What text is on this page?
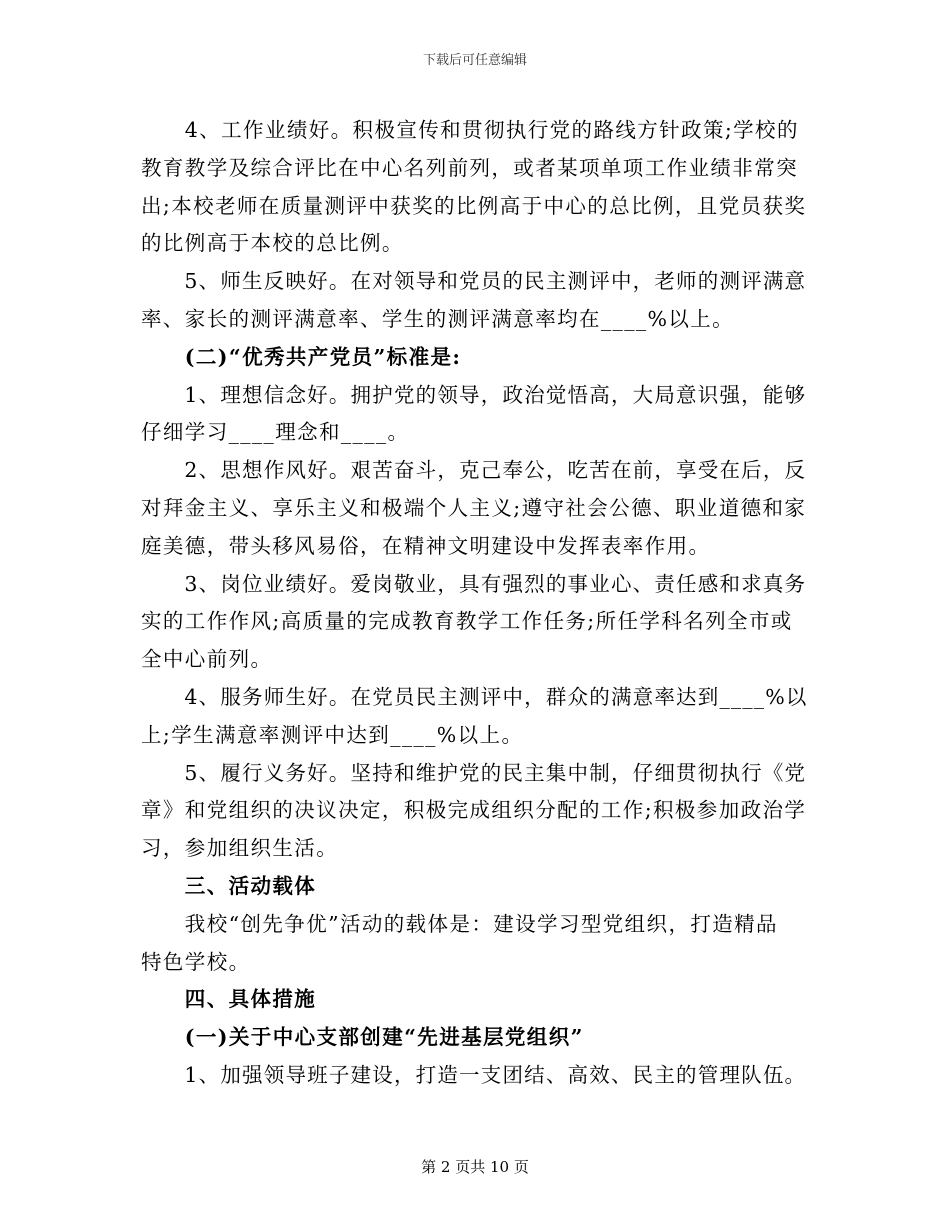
下载后可任意编辑
　　4、工作业绩好。积极宣传和贯彻执行党的路线方针政策;学校的
教育教学及综合评比在中心名列前列，或者某项单项工作业绩非常突
出;本校老师在质量测评中获奖的比例高于中心的总比例，且党员获奖
的比例高于本校的总比例。
　　5、师生反映好。在对领导和党员的民主测评中，老师的测评满意
率、家长的测评满意率、学生的测评满意率均在____%以上。
　　(二)“优秀共产党员”标准是:
　　1、理想信念好。拥护党的领导，政治觉悟高，大局意识强，能够
仔细学习____理念和____。
　　2、思想作风好。艰苦奋斗，克己奉公，吃苦在前，享受在后，反
对拜金主义、享乐主义和极端个人主义;遵守社会公德、职业道德和家
庭美德，带头移风易俗，在精神文明建设中发挥表率作用。
　　3、岗位业绩好。爱岗敬业，具有强烈的事业心、责任感和求真务
实的工作作风;高质量的完成教育教学工作任务;所任学科名列全市或
全中心前列。
　　4、服务师生好。在党员民主测评中，群众的满意率达到____%以
上;学生满意率测评中达到____%以上。
　　5、履行义务好。坚持和维护党的民主集中制，仔细贯彻执行《党
章》和党组织的决议决定，积极完成组织分配的工作;积极参加政治学
习，参加组织生活。
　　三、活动载体
　　我校“创先争优”活动的载体是：建设学习型党组织，打造精品
特色学校。
　　四、具体措施
　　(一)关于中心支部创建“先进基层党组织”
　　1、加强领导班子建设，打造一支团结、高效、民主的管理队伍。
第 2 页共 10 页
